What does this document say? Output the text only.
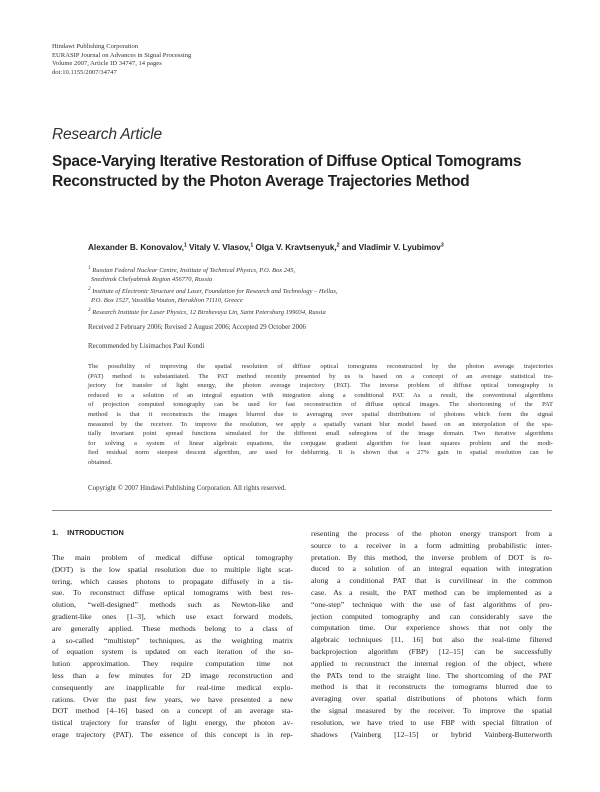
Hindawi Publishing Corporation
EURASIP Journal on Advances in Signal Processing
Volume 2007, Article ID 34747, 14 pages
doi:10.1155/2007/34747
Research Article
Space-Varying Iterative Restoration of Diffuse Optical Tomograms Reconstructed by the Photon Average Trajectories Method
Alexander B. Konovalov,$^1$ Vitaly V. Vlasov,$^1$ Olga V. Kravtsenyuk,$^2$ and Vladimir V. Lyubimov$^3$
$^1$ Russian Federal Nuclear Centre, Institute of Technical Physics, P.O. Box 245,
Snezhinsk Chelyabinsk Region 456770, Russia
$^2$ Institute of Electronic Structure and Laser, Foundation for Research and Technology – Hellas,
P.O. Box 1527, Vassilika Vouton, Heraklion 71110, Greece
$^3$ Research Institute for Laser Physics, 12 Birzhevaya Lin, Saint Petersburg 199034, Russia
Received 2 February 2006; Revised 2 August 2006; Accepted 29 October 2006
Recommended by Lisimachos Paul Kondi
The possibility of improving the spatial resolution of diffuse optical tomograms reconstructed by the photon average trajectories
(PAT) method is substantiated. The PAT method recently presented by us is based on a concept of an average statistical tra-
jectory for transfer of light energy, the photon average trajectory (PAT). The inverse problem of diffuse optical tomography is
reduced to a solution of an integral equation with integration along a conditional PAT. As a result, the conventional algorithms
of projection computed tomography can be used for fast reconstruction of diffuse optical images. The shortcoming of the PAT
method is that it reconstructs the images blurred due to averaging over spatial distributions of photons which form the signal
measured by the receiver. To improve the resolution, we apply a spatially variant blur model based on an interpolation of the spa-
tially invariant point spread functions simulated for the different small subregions of the image domain. Two iterative algorithms
for solving a system of linear algebraic equations, the conjugate gradient algorithm for least squares problem and the modi-
fied residual norm steepest descent algorithm, are used for deblurring. It is shown that a 27% gain in spatial resolution can be
obtained.
Copyright © 2007 Hindawi Publishing Corporation. All rights reserved.
1. INTRODUCTION
The main problem of medical diffuse optical tomography
(DOT) is the low spatial resolution due to multiple light scat-
tering, which causes photons to propagate diffusely in a tis-
sue. To reconstruct diffuse optical tomograms with best res-
olution, “well-designed” methods such as Newton-like and
gradient-like ones [1–3], which use exact forward models,
are generally applied. These methods belong to a class of
a so-called “multistep” techniques, as the weighting matrix
of equation system is updated on each iteration of the so-
lution approximation. They require computation time not
less than a few minutes for 2D image reconstruction and
consequently are inapplicable for real-time medical explo-
rations. Over the past few years, we have presented a new
DOT method [4–16] based on a concept of an average sta-
tistical trajectory for transfer of light energy, the photon av-
erage trajectory (PAT). The essence of this concept is in rep-
resenting the process of the photon energy transport from a
source to a receiver in a form admitting probabilistic inter-
pretation. By this method, the inverse problem of DOT is re-
duced to a solution of an integral equation with integration
along a conditional PAT that is curvilinear in the common
case. As a result, the PAT method can be implemented as a
“one-step” technique with the use of fast algorithms of pro-
jection computed tomography and can considerably save the
computation time. Our experience shows that not only the
algebraic techniques [11, 16] but also the real-time filtered
backprojection algorithm (FBP) [12–15] can be successfully
applied to reconstruct the internal region of the object, where
the PATs tend to the straight line. The shortcoming of the PAT
method is that it reconstructs the tomograms blurred due to
averaging over spatial distributions of photons which form
the signal measured by the receiver. To improve the spatial
resolution, we have tried to use FBP with special filtration of
shadows (Vainberg [12–15] or hybrid Vainberg-Butterworth
